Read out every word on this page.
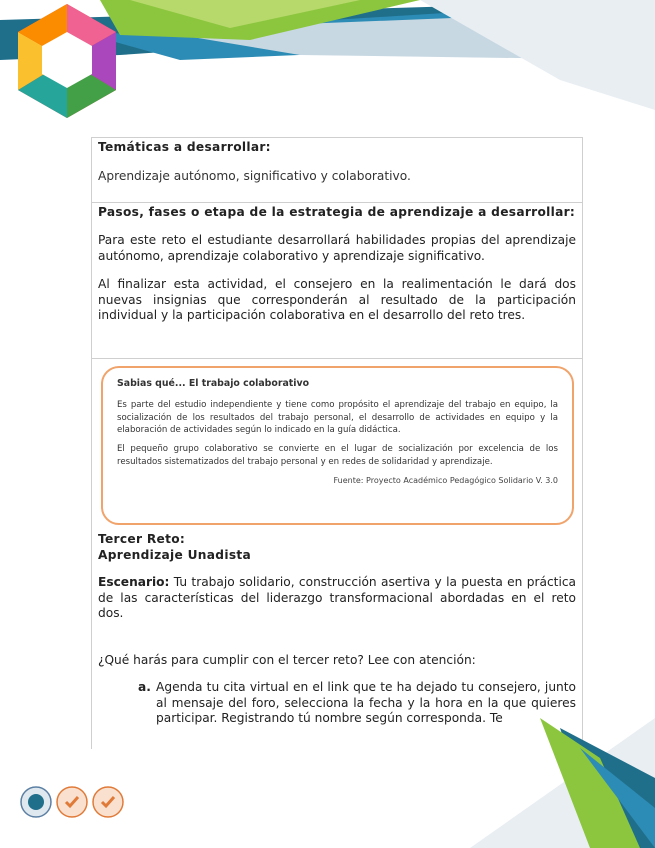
Temáticas a desarrollar:

Aprendizaje autónomo, significativo y colaborativo.

Pasos, fases o etapa de la estrategia de aprendizaje a desarrollar:

Para este reto el estudiante desarrollará habilidades propias del aprendizaje autónomo, aprendizaje colaborativo y aprendizaje significativo.

Al finalizar esta actividad, el consejero en la realimentación le dará dos nuevas insignias que corresponderán al resultado de la participación individual y la participación colaborativa en el desarrollo del reto tres.

Sabias qué... El trabajo colaborativo

Es parte del estudio independiente y tiene como propósito el aprendizaje del trabajo en equipo, la socialización de los resultados del trabajo personal, el desarrollo de actividades en equipo y la elaboración de actividades según lo indicado en la guía didáctica.

El pequeño grupo colaborativo se convierte en el lugar de socialización por excelencia de los resultados sistematizados del trabajo personal y en redes de solidaridad y aprendizaje.

Fuente: Proyecto Académico Pedagógico Solidario V. 3.0

Tercer Reto:

Aprendizaje Unadista

Escenario: Tu trabajo solidario, construcción asertiva y la puesta en práctica de las características del liderazgo transformacional abordadas en el reto dos.

¿Qué harás para cumplir con el tercer reto? Lee con atención:

a. Agenda tu cita virtual en el link que te ha dejado tu consejero, junto al mensaje del foro, selecciona la fecha y la hora en la que quieres participar. Registrando tú nombre según corresponda. Te
